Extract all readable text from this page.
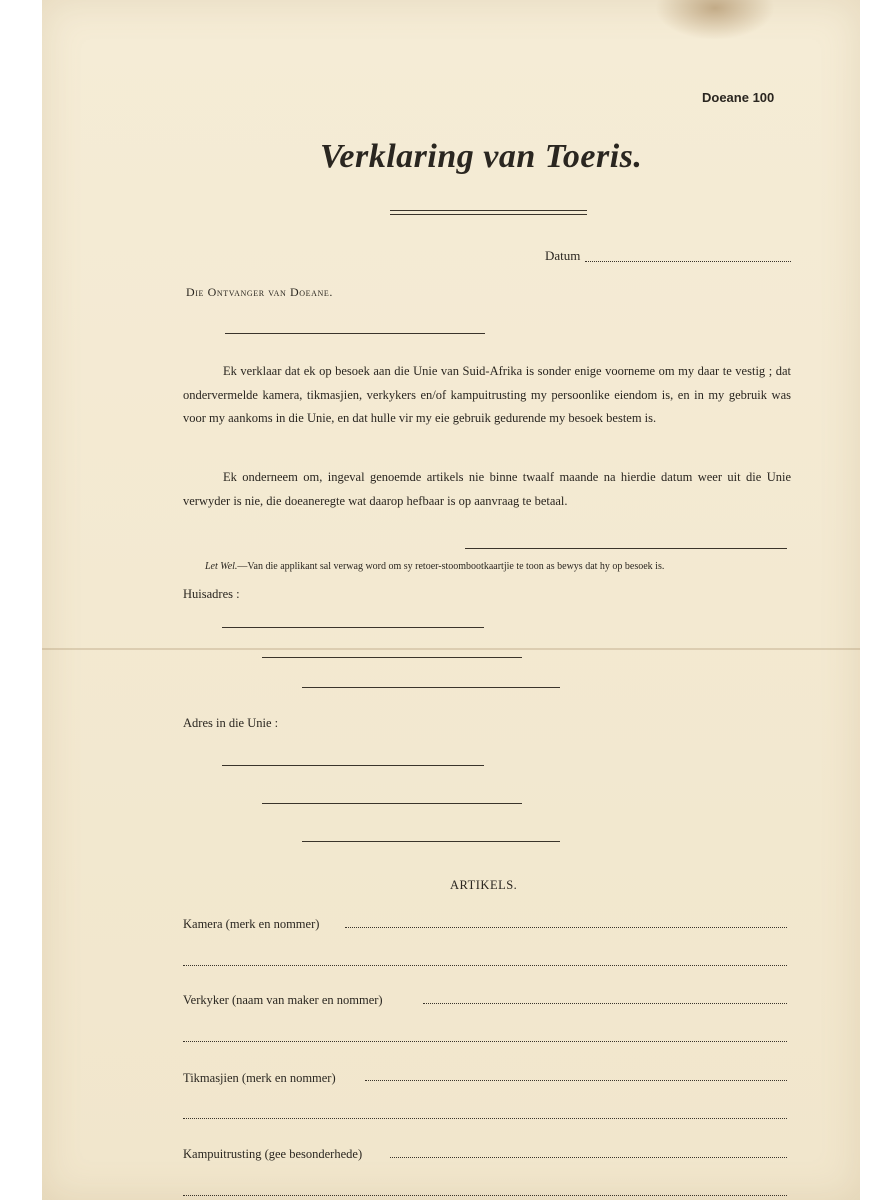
Doeane 100
Verklaring van Toeris.
Datum
Die Ontvanger van Doeane.
Ek verklaar dat ek op besoek aan die Unie van Suid-Afrika is sonder enige voorneme om my daar te vestig ; dat ondervermelde kamera, tikmasjien, verkykers en/of kampuitrusting my persoonlike eiendom is, en in my gebruik was voor my aankoms in die Unie, en dat hulle vir my eie gebruik gedurende my besoek bestem is.
Ek onderneem om, ingeval genoemde artikels nie binne twaalf maande na hierdie datum weer uit die Unie verwyder is nie, die doeaneregte wat daarop hefbaar is op aanvraag te betaal.
Let Wel.—Van die applikant sal verwag word om sy retoer-stoombootkaartjie te toon as bewys dat hy op besoek is.
Huisadres :
Adres in die Unie :
ARTIKELS.
Kamera (merk en nommer)
Verkyker (naam van maker en nommer)
Tikmasjien (merk en nommer)
Kampuitrusting (gee besonderhede)
